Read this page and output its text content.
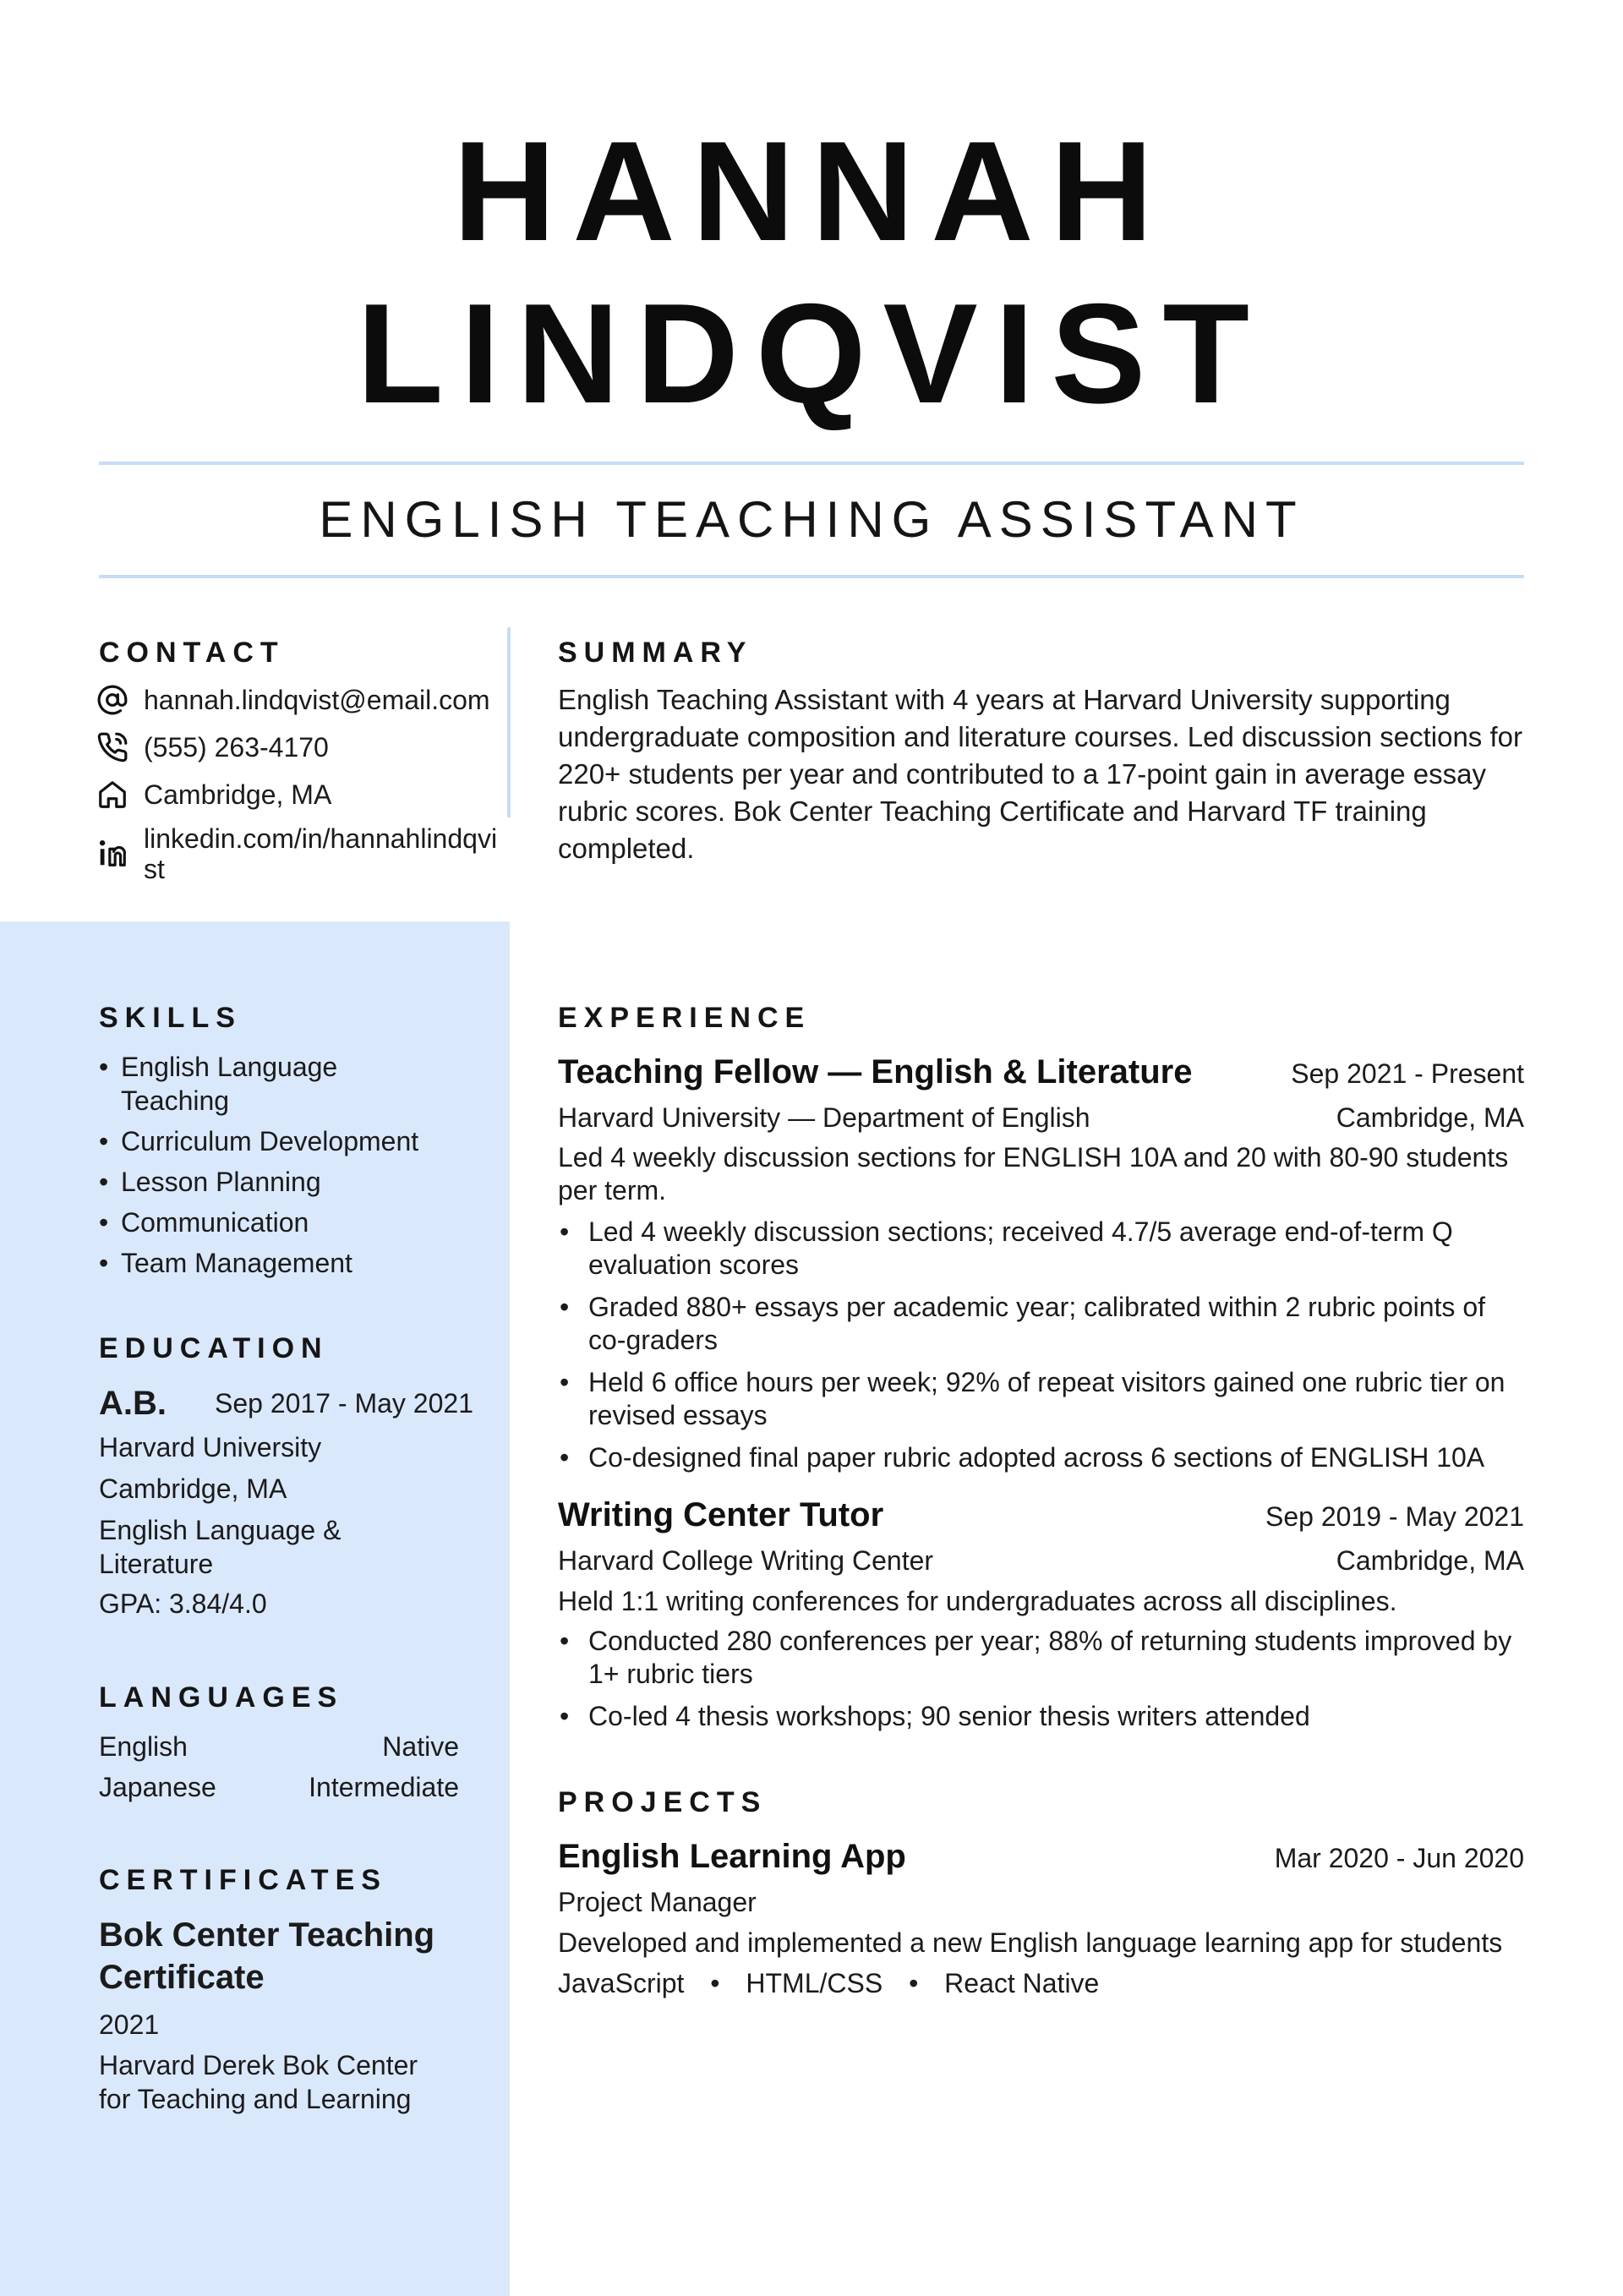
HANNAH
LINDQVIST
ENGLISH TEACHING ASSISTANT
CONTACT
hannah.lindqvist@email.com
(555) 263-4170
Cambridge, MA
linkedin.com/in/hannahlindqvist
SUMMARY
English Teaching Assistant with 4 years at Harvard University supporting undergraduate composition and literature courses. Led discussion sections for 220+ students per year and contributed to a 17-point gain in average essay rubric scores. Bok Center Teaching Certificate and Harvard TF training completed.
SKILLS
• English Language Teaching
• Curriculum Development
• Lesson Planning
• Communication
• Team Management
EDUCATION
A.B. Sep 2017 - May 2021
Harvard University
Cambridge, MA
English Language & Literature
GPA: 3.84/4.0
LANGUAGES
English	Native
Japanese	Intermediate
CERTIFICATES
Bok Center Teaching Certificate
2021
Harvard Derek Bok Center for Teaching and Learning
EXPERIENCE
Teaching Fellow — English & Literature	Sep 2021 - Present
Harvard University — Department of English	Cambridge, MA
Led 4 weekly discussion sections for ENGLISH 10A and 20 with 80-90 students per term.
• Led 4 weekly discussion sections; received 4.7/5 average end-of-term Q evaluation scores
• Graded 880+ essays per academic year; calibrated within 2 rubric points of co-graders
• Held 6 office hours per week; 92% of repeat visitors gained one rubric tier on revised essays
• Co-designed final paper rubric adopted across 6 sections of ENGLISH 10A
Writing Center Tutor	Sep 2019 - May 2021
Harvard College Writing Center	Cambridge, MA
Held 1:1 writing conferences for undergraduates across all disciplines.
• Conducted 280 conferences per year; 88% of returning students improved by 1+ rubric tiers
• Co-led 4 thesis workshops; 90 senior thesis writers attended
PROJECTS
English Learning App	Mar 2020 - Jun 2020
Project Manager
Developed and implemented a new English language learning app for students
JavaScript • HTML/CSS • React Native
